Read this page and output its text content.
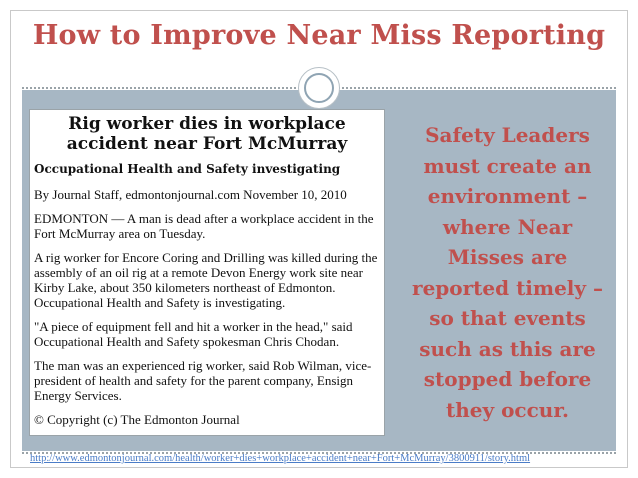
How to Improve Near Miss Reporting
Rig worker dies in workplace accident near Fort McMurray
Occupational Health and Safety investigating
By Journal Staff, edmontonjournal.com November 10, 2010
EDMONTON — A man is dead after a workplace accident in the Fort McMurray area on Tuesday.
A rig worker for Encore Coring and Drilling was killed during the assembly of an oil rig at a remote Devon Energy work site near Kirby Lake, about 350 kilometers northeast of Edmonton. Occupational Health and Safety is investigating.
"A piece of equipment fell and hit a worker in the head," said Occupational Health and Safety spokesman Chris Chodan.
The man was an experienced rig worker, said Rob Wilman, vice-president of health and safety for the parent company, Ensign Energy Services.
© Copyright (c) The Edmonton Journal
Safety Leaders must create an environment – where Near Misses are reported timely – so that events such as this are stopped before they occur.
http://www.edmontonjournal.com/health/worker+dies+workplace+accident+near+Fort+McMurray/3800911/story.html
